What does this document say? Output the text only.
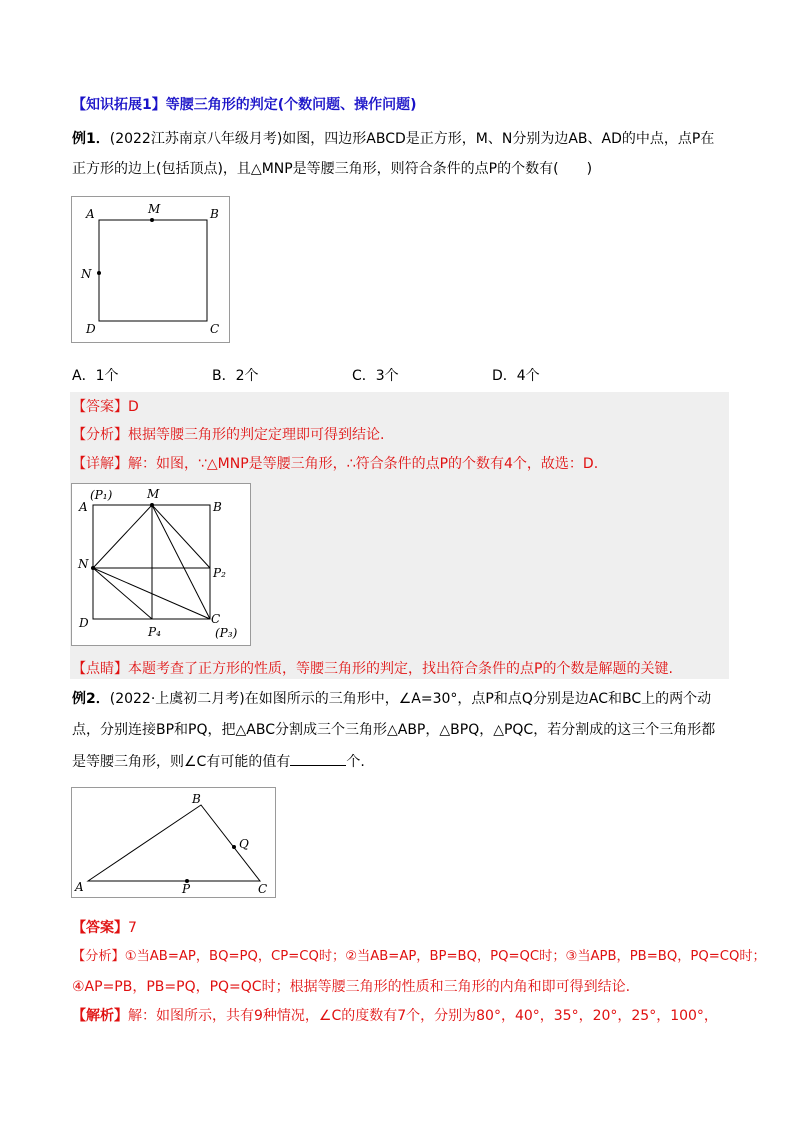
【知识拓展1】等腰三角形的判定(个数问题、操作问题)
例1．(2022江苏南京八年级月考)如图，四边形ABCD是正方形，M、N分别为边AB、AD的中点，点P在
正方形的边上(包括顶点)，且△MNP是等腰三角形，则符合条件的点P的个数有(　　)
A	M	B
N
D	C
A．1个	B．2个	C．3个	D．4个
【答案】D
【分析】根据等腰三角形的判定定理即可得到结论.
【详解】解：如图，∵△MNP是等腰三角形，∴符合条件的点P的个数有4个，故选：D.
(P₁)
A
M
B
N
P₂
D
P₄
C
(P₃)
【点睛】本题考查了正方形的性质，等腰三角形的判定，找出符合条件的点P的个数是解题的关键.
例2．(2022·上虞初二月考)在如图所示的三角形中，∠A=30°，点P和点Q分别是边AC和BC上的两个动
点，分别连接BP和PQ，把△ABC分割成三个三角形△ABP，△BPQ，△PQC，若分割成的这三个三角形都
是等腰三角形，则∠C有可能的值有	个.
B
Q
A	P	C
【答案】7
【分析】①当AB=AP，BQ=PQ，CP=CQ时；②当AB=AP，BP=BQ，PQ=QC时；③当APB，PB=BQ，PQ=CQ时；
④AP=PB，PB=PQ，PQ=QC时；根据等腰三角形的性质和三角形的内角和即可得到结论.
【解析】解：如图所示，共有9种情况，∠C的度数有7个，分别为80°，40°，35°，20°，25°，100°，
